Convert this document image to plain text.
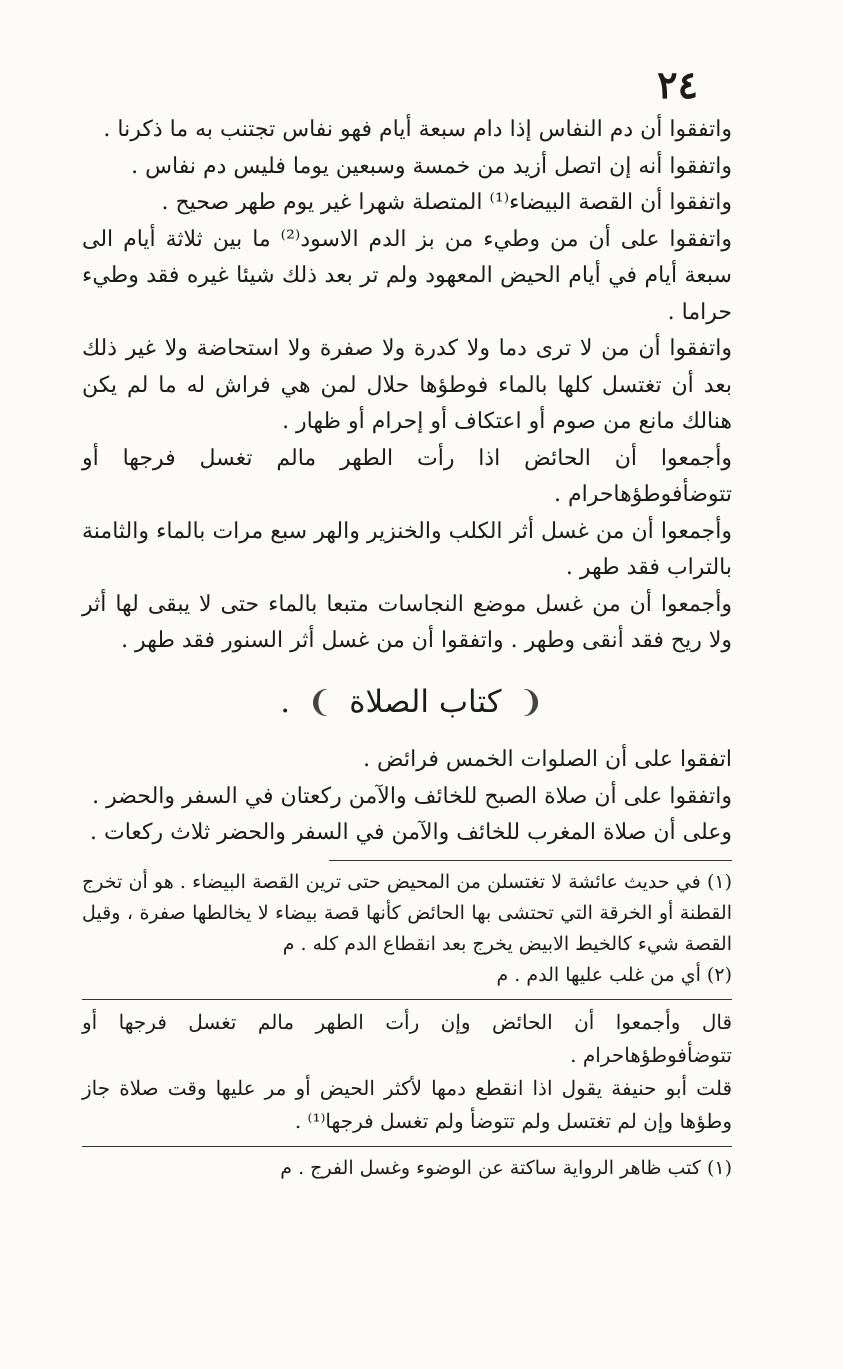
٢٤

واتفقوا أن دم النفاس إذا دام سبعة أيام فهو نفاس تجتنب به ما ذكرنا .

واتفقوا أنه إن اتصل أزيد من خمسة وسبعين يوما فليس دم نفاس .

واتفقوا أن القصة البيضاء⁽¹⁾ المتصلة شهرا غير يوم طهر صحيح .

واتفقوا على أن من وطيء من بز الدم الاسود⁽²⁾ ما بين ثلاثة أيام الى سبعة أيام في أيام الحيض المعهود ولم تر بعد ذلك شيئا غيره فقد وطيء حراما .

واتفقوا أن من لا ترى دما ولا كدرة ولا صفرة ولا استحاضة ولا غير ذلك بعد أن تغتسل كلها بالماء فوطؤها حلال لمن هي فراش له ما لم يكن هنالك مانع من صوم أو اعتكاف أو إحرام أو ظهار .

وأجمعوا أن الحائض اذا رأت الطهر مالم تغسل فرجها أو تتوضأفوطؤهاحرام .

وأجمعوا أن من غسل أثر الكلب والخنزير والهر سبع مرات بالماء والثامنة بالتراب فقد طهر .

وأجمعوا أن من غسل موضع النجاسات متبعا بالماء حتى لا يبقى لها أثر ولا ريح فقد أنقى وطهر . واتفقوا أن من غسل أثر السنور فقد طهر .

❨ كتاب الصلاة ❩ .

اتفقوا على أن الصلوات الخمس فرائض .

واتفقوا على أن صلاة الصبح للخائف والآمن ركعتان في السفر والحضر .

وعلى أن صلاة المغرب للخائف والآمن في السفر والحضر ثلاث ركعات .

(١) في حديث عائشة لا تغتسلن من المحيض حتى ترين القصة البيضاء . هو أن تخرج القطنة أو الخرقة التي تحتشى بها الحائض كأنها قصة بيضاء لا يخالطها صفرة ، وقيل القصة شيء كالخيط الابيض يخرج بعد انقطاع الدم كله . م

(٢) أي من غلب عليها الدم . م

قال وأجمعوا أن الحائض وإن رأت الطهر مالم تغسل فرجها أو تتوضأفوطؤهاحرام .

قلت أبو حنيفة يقول اذا انقطع دمها لأكثر الحيض أو مر عليها وقت صلاة جاز وطؤها وإن لم تغتسل ولم تتوضأ ولم تغسل فرجها⁽¹⁾ .

(١) كتب ظاهر الرواية ساكتة عن الوضوء وغسل الفرج . م
